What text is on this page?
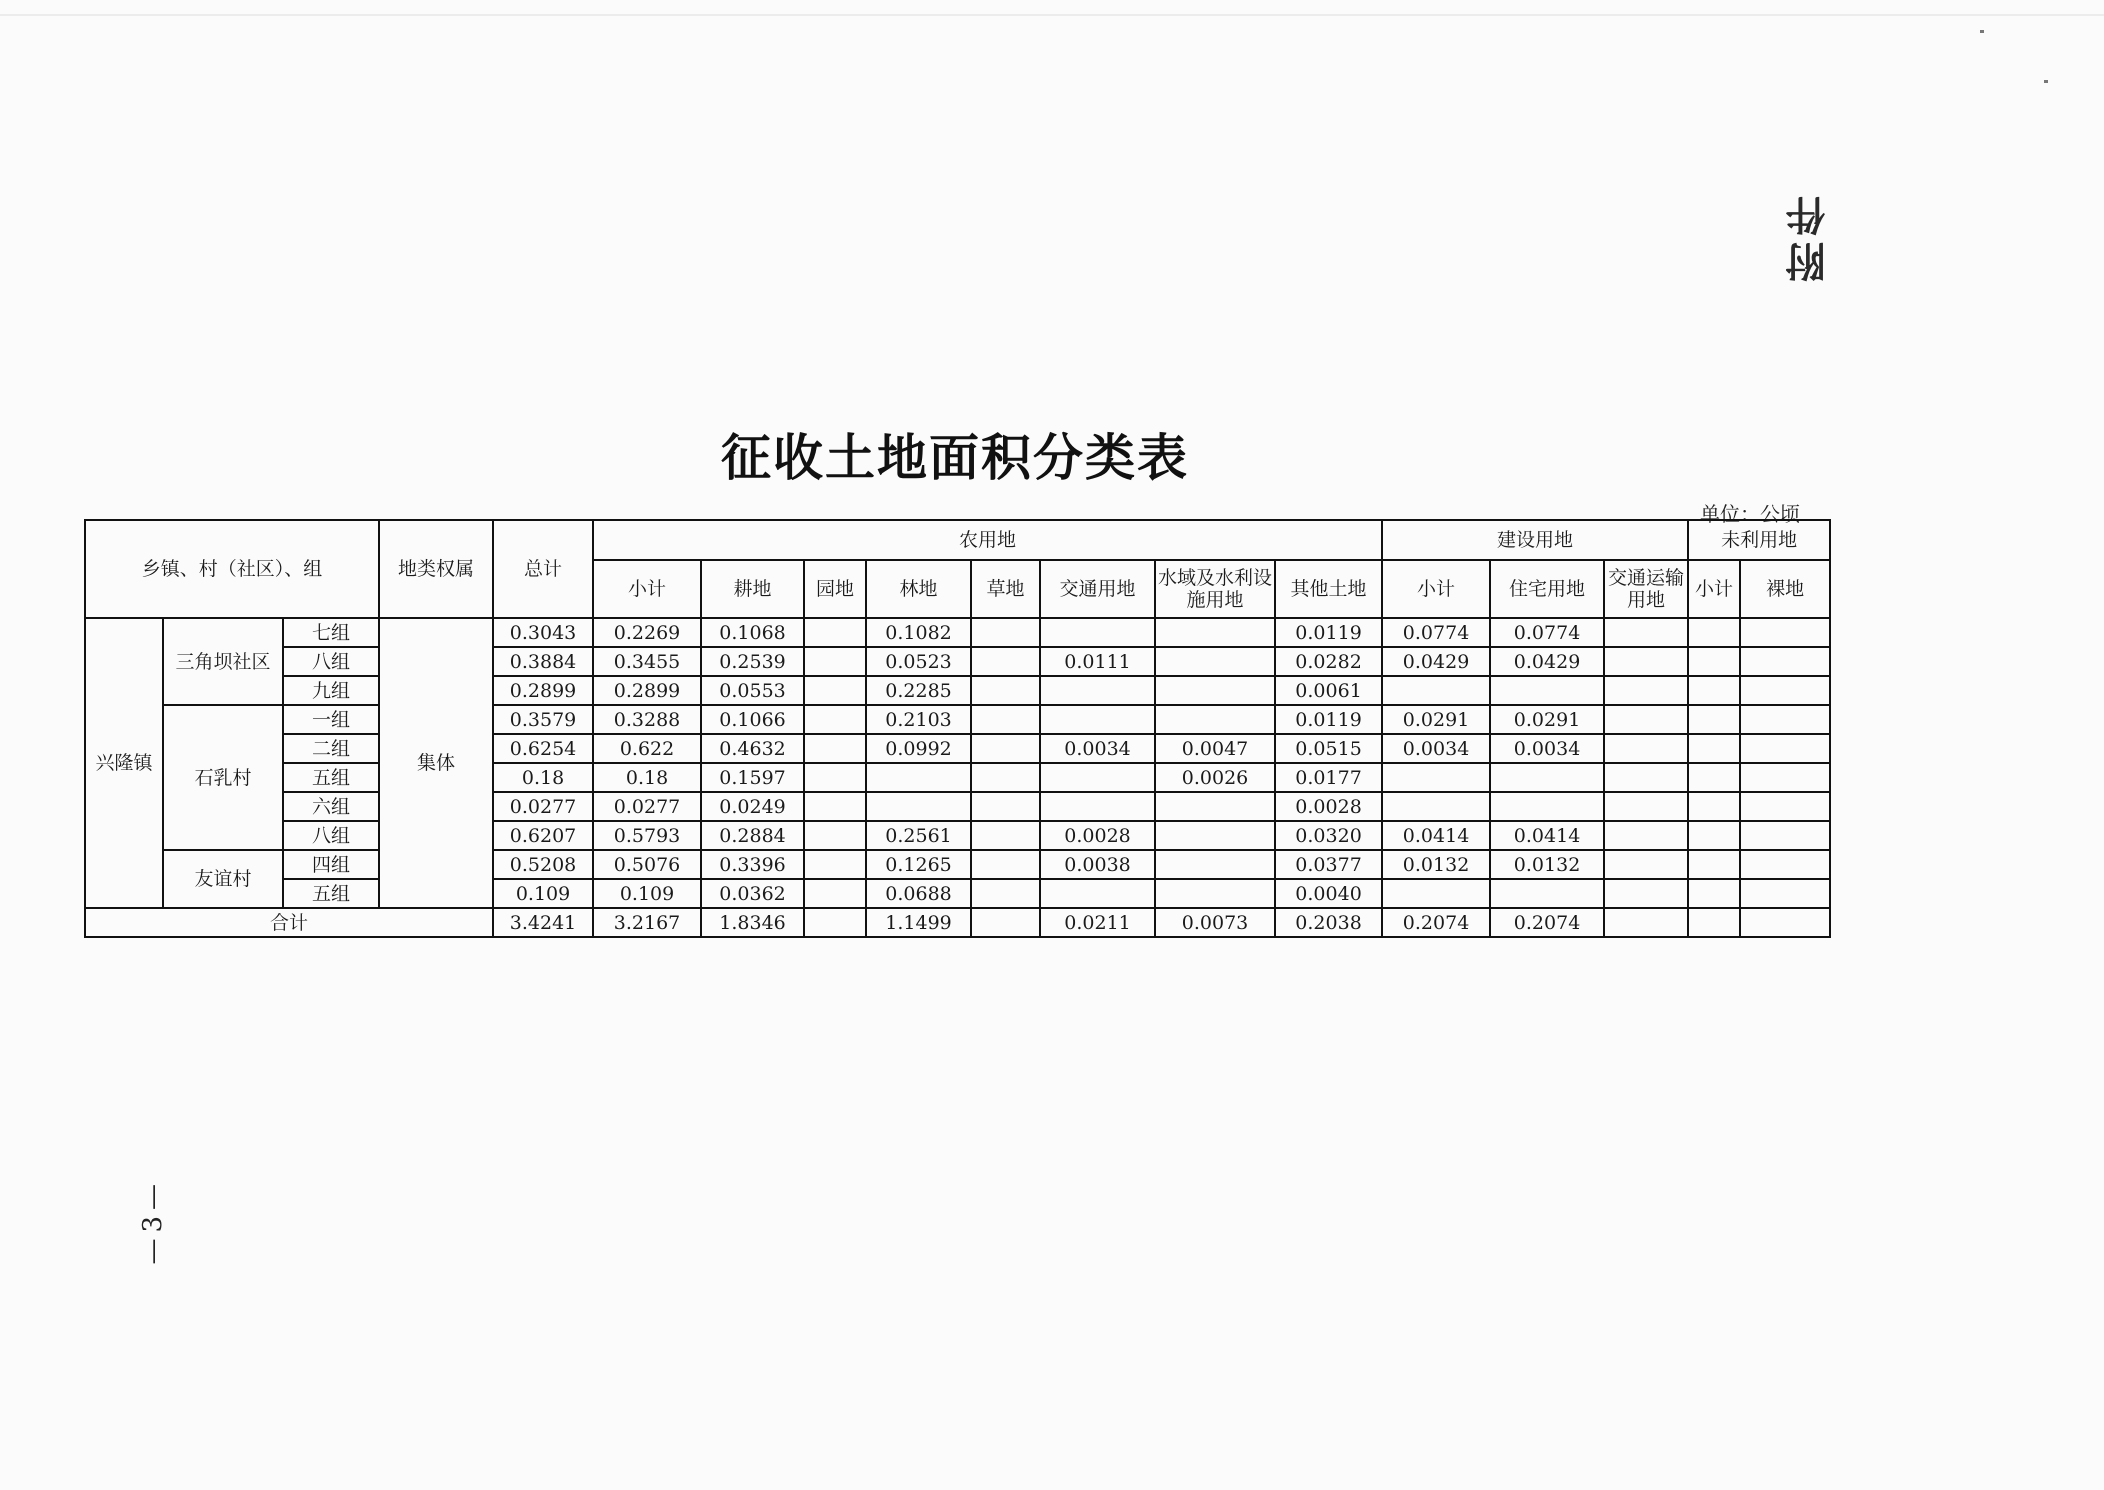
附件
征收土地面积分类表
单位：公顷
乡镇、村（社区）、组			地类权属	总计	农用地								建设用地			未利用地	
					小计	耕地	园地	林地	草地	交通用地	水域及水利设施用地	其他土地	小计	住宅用地	交通运输用地	小计	裸地
兴隆镇	三角坝社区	七组	集体	0.3043	0.2269	0.1068		0.1082				0.0119	0.0774	0.0774			
		八组		0.3884	0.3455	0.2539		0.0523		0.0111		0.0282	0.0429	0.0429			
		九组		0.2899	0.2899	0.0553		0.2285				0.0061					
	石乳村	一组		0.3579	0.3288	0.1066		0.2103				0.0119	0.0291	0.0291			
		二组		0.6254	0.622	0.4632		0.0992		0.0034	0.0047	0.0515	0.0034	0.0034			
		五组		0.18	0.18	0.1597					0.0026	0.0177					
		六组		0.0277	0.0277	0.0249						0.0028					
		八组		0.6207	0.5793	0.2884		0.2561		0.0028		0.0320	0.0414	0.0414			
	友谊村	四组		0.5208	0.5076	0.3396		0.1265		0.0038		0.0377	0.0132	0.0132			
		五组		0.109	0.109	0.0362		0.0688				0.0040					
合计				3.4241	3.2167	1.8346		1.1499		0.0211	0.0073	0.2038	0.2074	0.2074			
—3—
